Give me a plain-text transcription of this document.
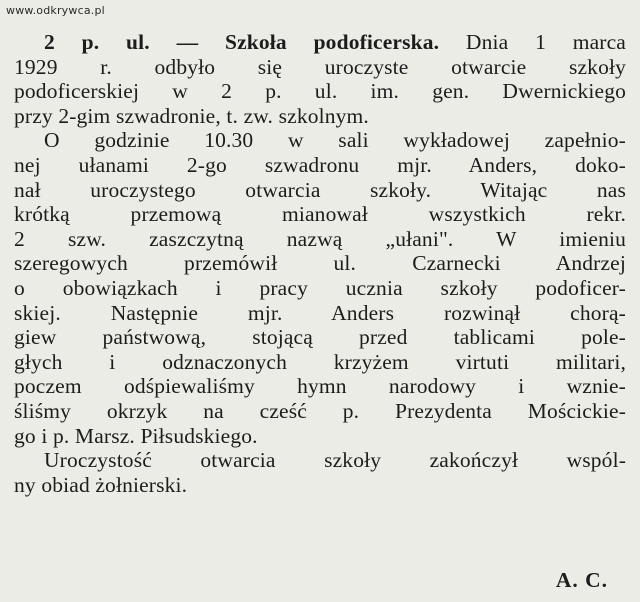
www.odkrywca.pl
2 p. ul. — Szkoła podoficerska. Dnia 1 marca
1929 r. odbyło się uroczyste otwarcie szkoły
podoficerskiej w 2 p. ul. im. gen. Dwernickiego
przy 2-gim szwadronie, t. zw. szkolnym.
O godzinie 10.30 w sali wykładowej zapełnio-
nej ułanami 2-go szwadronu mjr. Anders, doko-
nał uroczystego otwarcia szkoły. Witając nas
krótką przemową mianował wszystkich rekr.
2 szw. zaszczytną nazwą „ułani". W imieniu
szeregowych przemówił ul. Czarnecki Andrzej
o obowiązkach i pracy ucznia szkoły podoficer-
skiej. Następnie mjr. Anders rozwinął chorą-
giew państwową, stojącą przed tablicami pole-
głych i odznaczonych krzyżem virtuti militari,
poczem odśpiewaliśmy hymn narodowy i wznie-
śliśmy okrzyk na cześć p. Prezydenta Mościckie-
go i p. Marsz. Piłsudskiego.
Uroczystość otwarcia szkoły zakończył wspól-
ny obiad żołnierski.
A. C.
